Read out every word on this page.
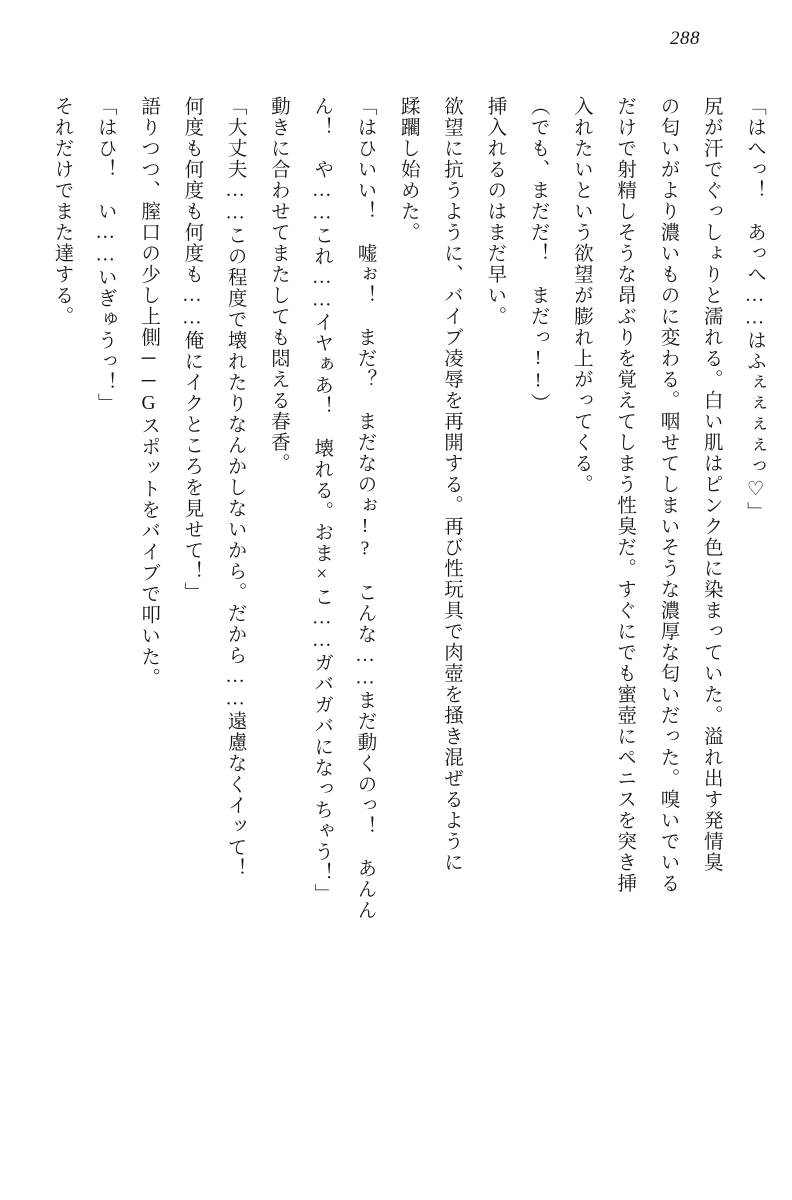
288
「はへっ！　あっへ……はふぇぇぇぇっ♡」
尻が汗でぐっしょりと濡れる。白い肌はピンク色に染まっていた。溢れ出す発情臭
の匂いがより濃いものに変わる。咽せてしまいそうな濃厚な匂いだった。嗅いでいる
だけで射精しそうな昂ぶりを覚えてしまう性臭だ。すぐにでも蜜壺にペニスを突き挿
入れたいという欲望が膨れ上がってくる。
（でも、まだだ！　まだっ!!）
挿入れるのはまだ早い。
欲望に抗うように、バイブ凌辱を再開する。再び性玩具で肉壺を掻き混ぜるように
蹂躙し始めた。
「はひいい！　嘘ぉ！　まだ？　まだなのぉ!?　こんな……まだ動くのっ！　あんん
ん！　や……これ……イヤぁあ！　壊れる。おま×こ……ガバガバになっちゃう！」
動きに合わせてまたしても悶える春香。
「大丈夫……この程度で壊れたりなんかしないから。だから……遠慮なくイッて！
何度も何度も何度も……俺にイクところを見せて！」
語りつつ、膣口の少し上側──Gスポットをバイブで叩いた。
「はひ！　い……いぎゅうっ！」
それだけでまた達する。
